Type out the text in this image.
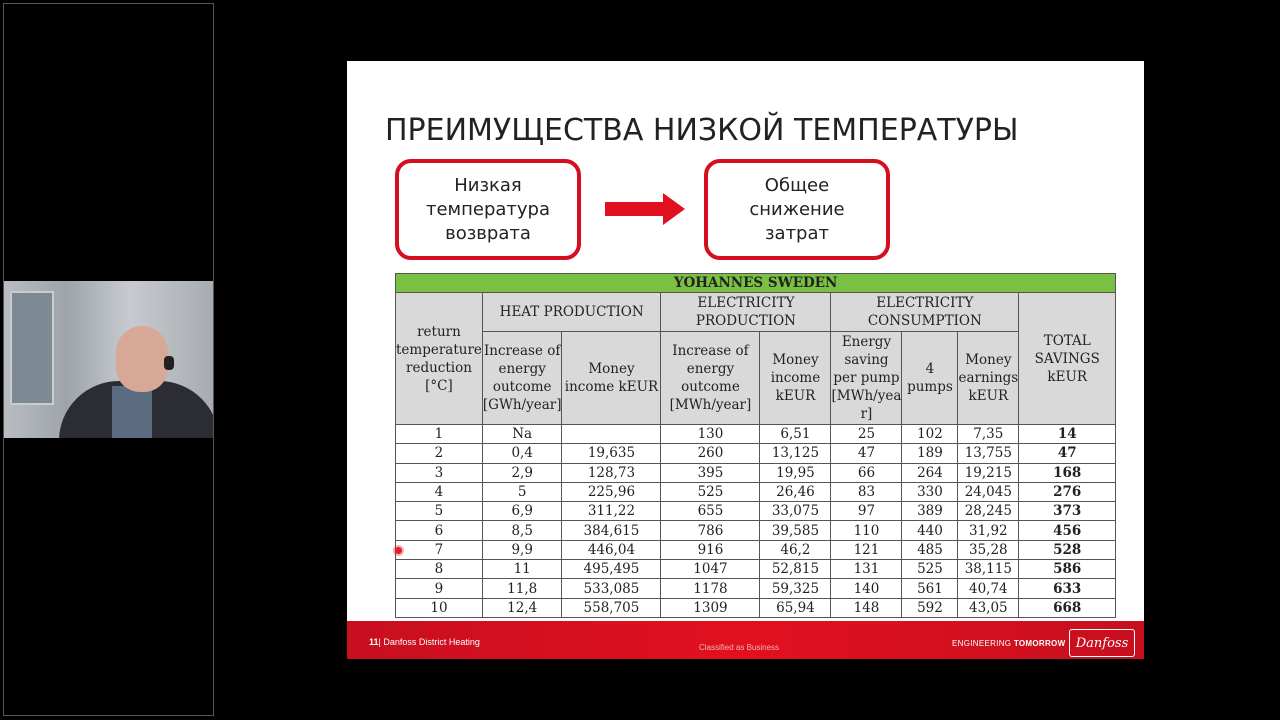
ПРЕИМУЩЕСТВА НИЗКОЙ ТЕМПЕРАТУРЫ
Низкая
температура
возврата
Общее
снижение
затрат
YOHANNES SWEDEN								
return temperature reduction [°C]	HEAT PRODUCTION		ELECTRICITY PRODUCTION		ELECTRICITY CONSUMPTION			TOTAL SAVINGS kEUR
	Increase of energy outcome [GWh/year]	Money income kEUR	Increase of energy outcome [MWh/year]	Money income kEUR	Energy saving per pump [MWh/yea r]	4 pumps	Money earnings kEUR	
1	Na		130	6,51	25	102	7,35	14
2	0,4	19,635	260	13,125	47	189	13,755	47
3	2,9	128,73	395	19,95	66	264	19,215	168
4	5	225,96	525	26,46	83	330	24,045	276
5	6,9	311,22	655	33,075	97	389	28,245	373
6	8,5	384,615	786	39,585	110	440	31,92	456
7	9,9	446,04	916	46,2	121	485	35,28	528
8	11	495,495	1047	52,815	131	525	38,115	586
9	11,8	533,085	1178	59,325	140	561	40,74	633
10	12,4	558,705	1309	65,94	148	592	43,05	668
11| Danfoss District Heating
Classified as Business	ENGINEERING TOMORROW Danfoss
